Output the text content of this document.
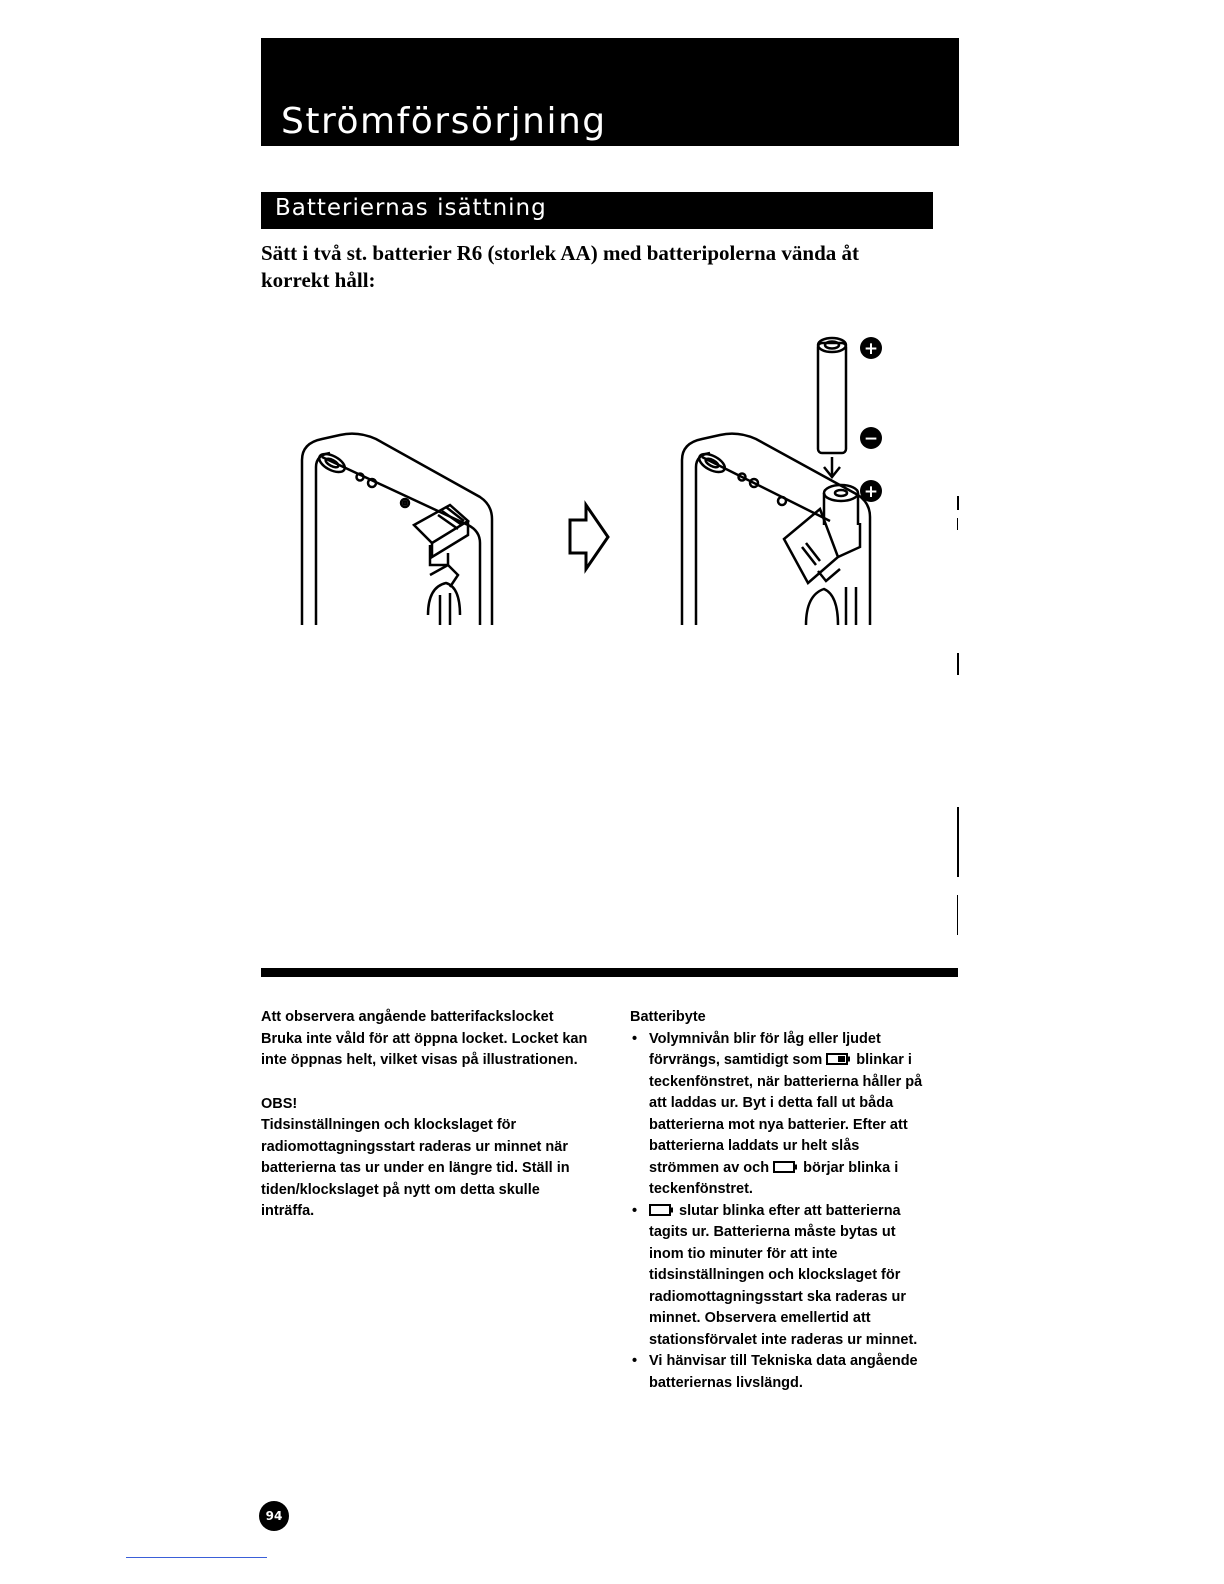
Strömförsörjning
Batteriernas isättning
Sätt i två st. batterier R6 (storlek AA) med batteripolerna vända åt korrekt håll:
+
−
+
Att observera angående batterifackslocket

Bruka inte våld för att öppna locket. Locket kan inte öppnas helt, vilket visas på illustrationen.

OBS!

Tidsinställningen och klockslaget för radiomottagningsstart raderas ur minnet när batterierna tas ur under en längre tid. Ställ in tiden/klockslaget på nytt om detta skulle inträffa.

Batteribyte
• Volymnivån blir för låg eller ljudet förvrängs, samtidigt som blinkar i teckenfönstret, när batterierna håller på att laddas ur. Byt i detta fall ut båda batterierna mot nya batterier. Efter att batterierna laddats ur helt slås strömmen av och börjar blinka i teckenfönstret.
• slutar blinka efter att batterierna tagits ur. Batterierna måste bytas ut inom tio minuter för att inte tidsinställningen och klockslaget för radiomottagningsstart ska raderas ur minnet. Observera emellertid att stationsförvalet inte raderas ur minnet.
• Vi hänvisar till Tekniska data angående batteriernas livslängd.
94
